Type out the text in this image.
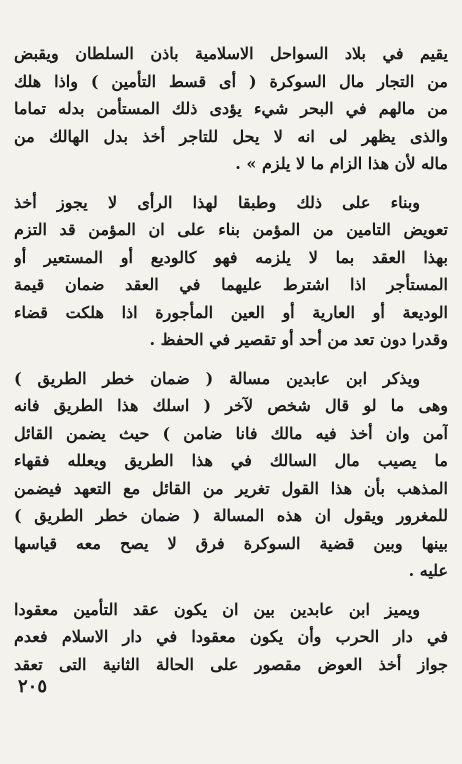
يقيم في بلاد السواحل الاسلامية باذن السلطان ويقبض
من التجار مال السوكرة ( أى قسط التأمين ) واذا هلك
من مالهم في البحر شيء يؤدى ذلك المستأمن بدله تماما
والذى يظهر لى انه لا يحل للتاجر أخذ بدل الهالك من
ماله لأن هذا الزام ما لا يلزم » .
وبناء على ذلك وطبقا لهذا الرأى لا يجوز أخذ
تعويض التامين من المؤمن بناء على ان المؤمن قد التزم
بهذا العقد بما لا يلزمه فهو كالوديع أو المستعير أو
المستأجر اذا اشترط عليهما في العقد ضمان قيمة
الوديعة أو العارية أو العين المأجورة اذا هلكت قضاء
وقدرا دون تعد من أحد أو تقصير في الحفظ .
ويذكر ابن عابدين مسالة ( ضمان خطر الطريق )
وهى ما لو قال شخص لآخر ( اسلك هذا الطريق فانه
آمن وان أخذ فيه مالك فانا ضامن ) حيث يضمن القائل
ما يصيب مال السالك في هذا الطريق ويعلله فقهاء
المذهب بأن هذا القول تغرير من القائل مع التعهد فيضمن
للمغرور ويقول ان هذه المسالة ( ضمان خطر الطريق )
بينها وبين قضية السوكرة فرق لا يصح معه قياسها
عليه .
ويميز ابن عابدين بين ان يكون عقد التأمين معقودا
في دار الحرب وأن يكون معقودا في دار الاسلام فعدم
جواز أخذ العوض مقصور على الحالة الثانية التى تعقد
٢٠٥
